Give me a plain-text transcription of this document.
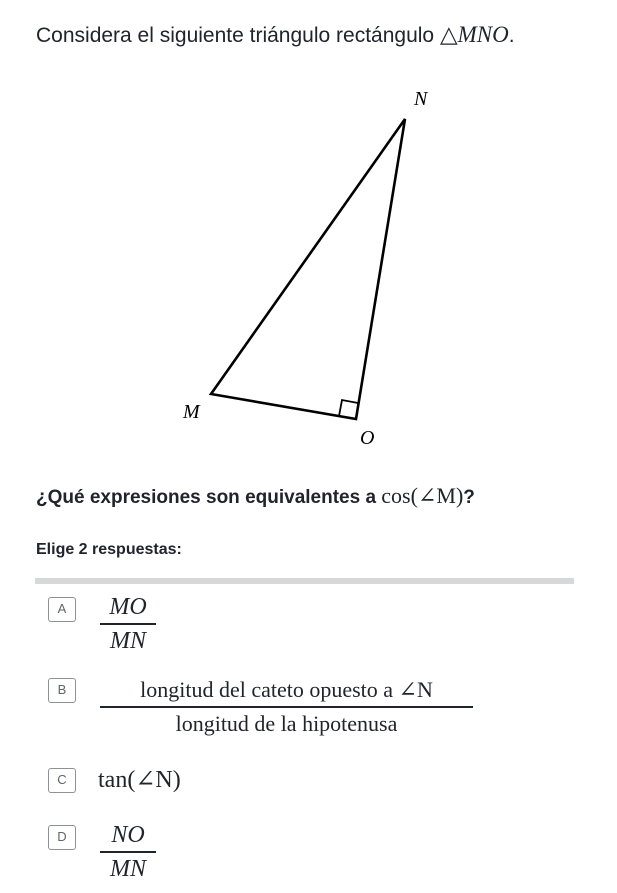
Considera el siguiente triángulo rectángulo △MNO.
N
M
O
¿Qué expresiones son equivalentes a cos(∠M)?
Elige 2 respuestas:
A	MO
MN
B	longitud del cateto opuesto a ∠N
longitud de la hipotenusa
C	tan(∠N)
D	NO
MN
